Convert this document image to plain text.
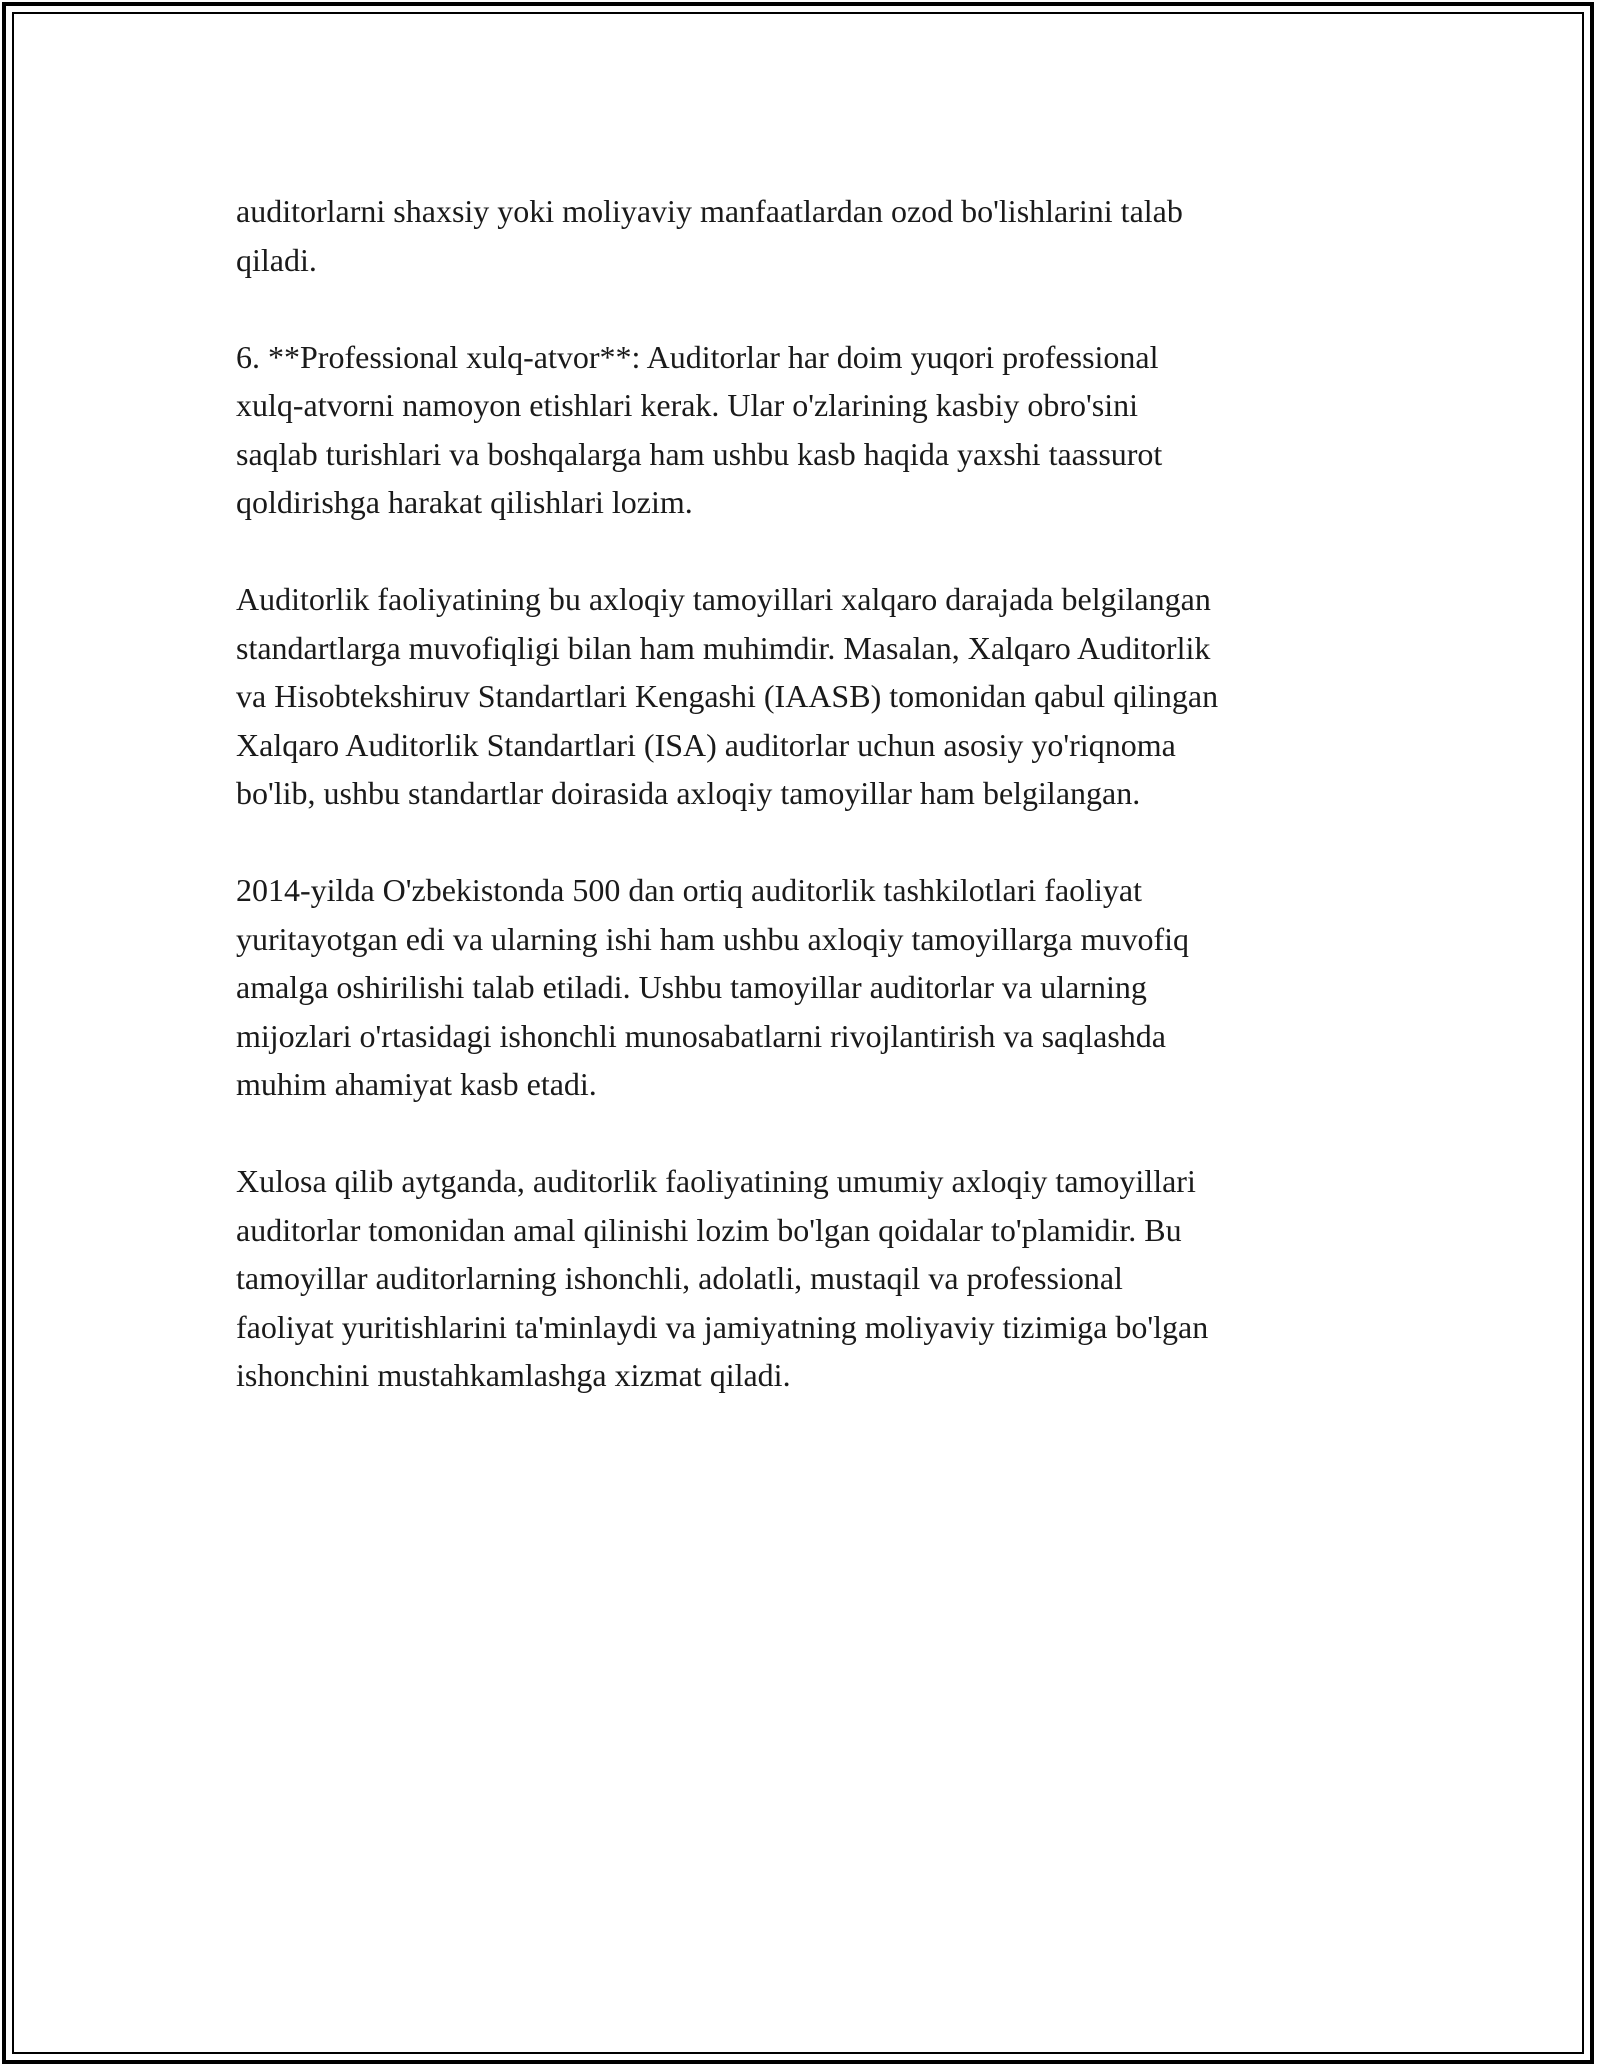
auditorlarni shaxsiy yoki moliyaviy manfaatlardan ozod bo'lishlarini talab
qiladi.

6. **Professional xulq-atvor**: Auditorlar har doim yuqori professional
xulq-atvorni namoyon etishlari kerak. Ular o'zlarining kasbiy obro'sini
saqlab turishlari va boshqalarga ham ushbu kasb haqida yaxshi taassurot
qoldirishga harakat qilishlari lozim.

Auditorlik faoliyatining bu axloqiy tamoyillari xalqaro darajada belgilangan
standartlarga muvofiqligi bilan ham muhimdir. Masalan, Xalqaro Auditorlik
va Hisobtekshiruv Standartlari Kengashi (IAASB) tomonidan qabul qilingan
Xalqaro Auditorlik Standartlari (ISA) auditorlar uchun asosiy yo'riqnoma
bo'lib, ushbu standartlar doirasida axloqiy tamoyillar ham belgilangan.

2014-yilda O'zbekistonda 500 dan ortiq auditorlik tashkilotlari faoliyat
yuritayotgan edi va ularning ishi ham ushbu axloqiy tamoyillarga muvofiq
amalga oshirilishi talab etiladi. Ushbu tamoyillar auditorlar va ularning
mijozlari o'rtasidagi ishonchli munosabatlarni rivojlantirish va saqlashda
muhim ahamiyat kasb etadi.

Xulosa qilib aytganda, auditorlik faoliyatining umumiy axloqiy tamoyillari
auditorlar tomonidan amal qilinishi lozim bo'lgan qoidalar to'plamidir. Bu
tamoyillar auditorlarning ishonchli, adolatli, mustaqil va professional
faoliyat yuritishlarini ta'minlaydi va jamiyatning moliyaviy tizimiga bo'lgan
ishonchini mustahkamlashga xizmat qiladi.
